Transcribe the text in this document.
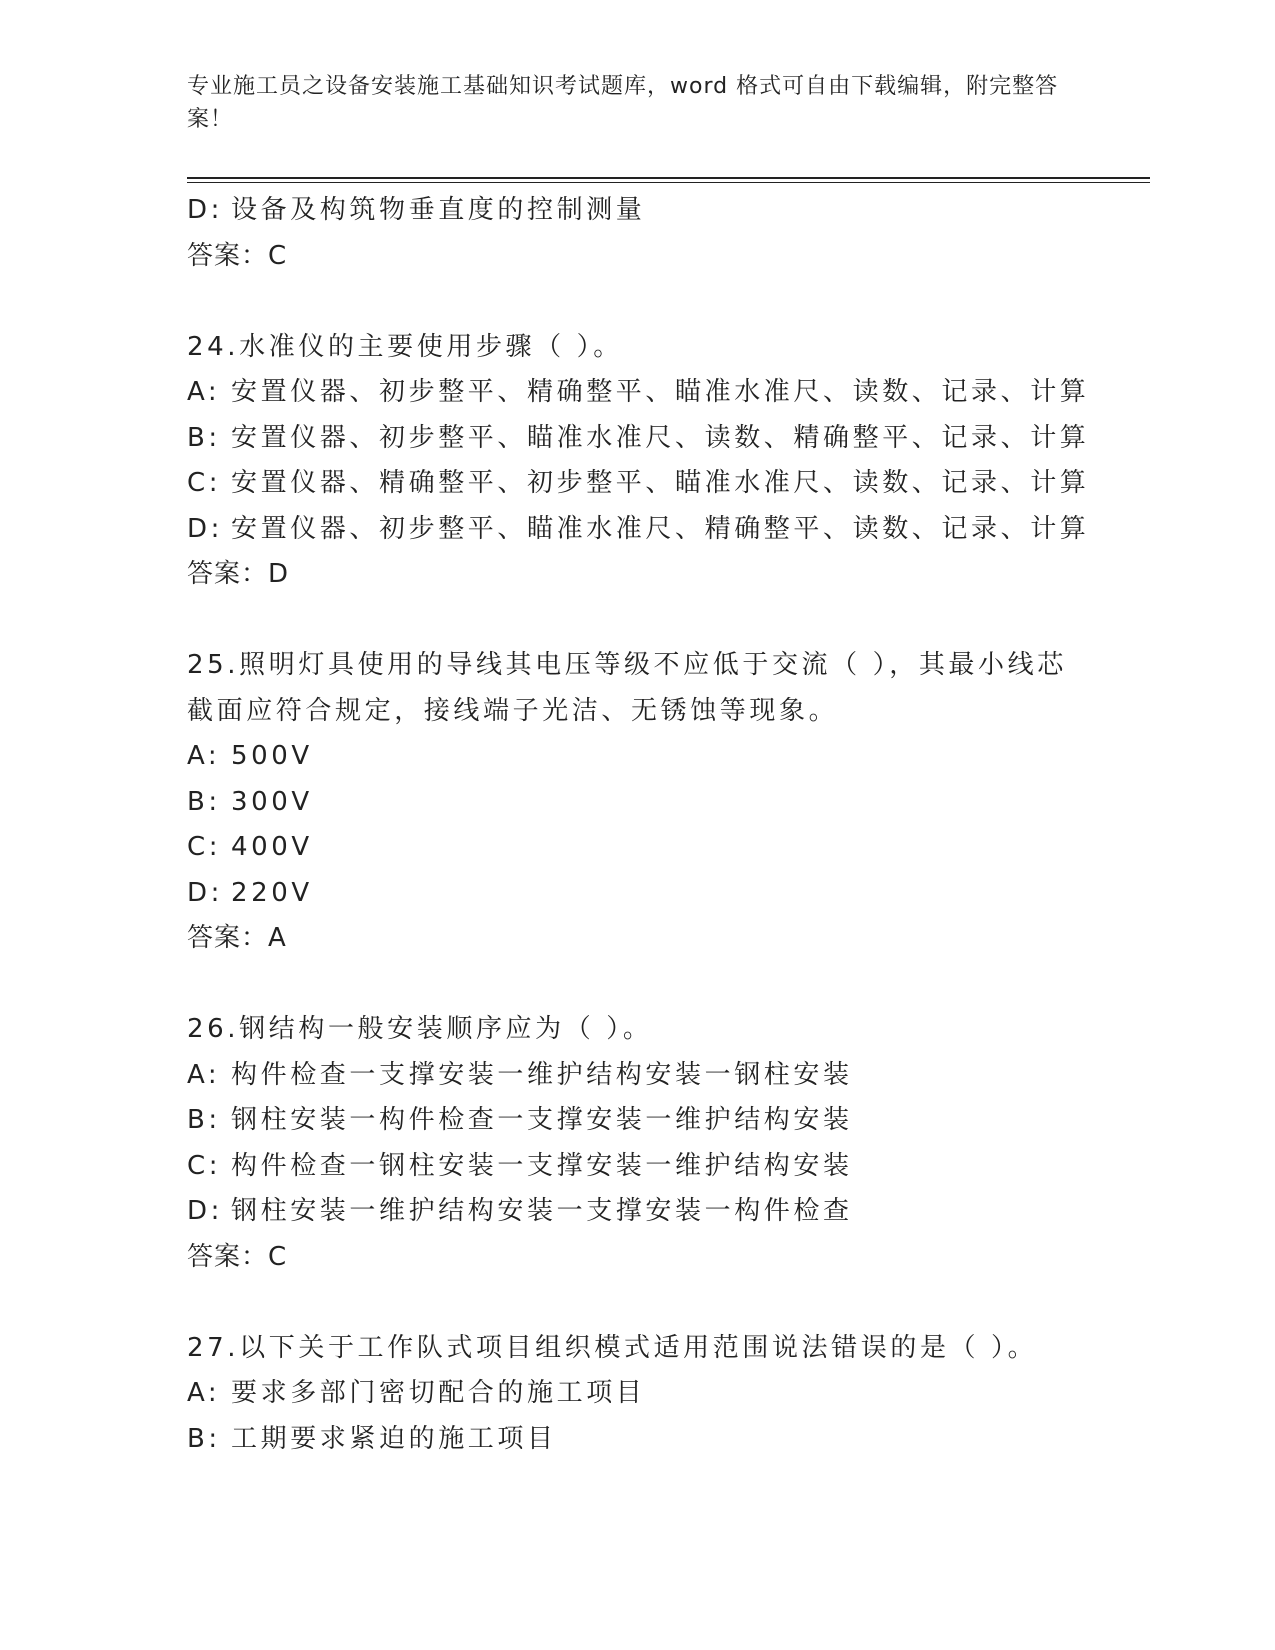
专业施工员之设备安装施工基础知识考试题库，word 格式可自由下载编辑，附完整答案！
D: 设备及构筑物垂直度的控制测量
答案：C
24.水准仪的主要使用步骤（ ）。
A: 安置仪器、初步整平、精确整平、瞄准水准尺、读数、记录、计算
B: 安置仪器、初步整平、瞄准水准尺、读数、精确整平、记录、计算
C: 安置仪器、精确整平、初步整平、瞄准水准尺、读数、记录、计算
D: 安置仪器、初步整平、瞄准水准尺、精确整平、读数、记录、计算
答案：D
25.照明灯具使用的导线其电压等级不应低于交流（ ），其最小线芯截面应符合规定，接线端子光洁、无锈蚀等现象。
A: 500V
B: 300V
C: 400V
D: 220V
答案：A
26.钢结构一般安装顺序应为（ ）。
A: 构件检查一支撑安装一维护结构安装一钢柱安装
B: 钢柱安装一构件检查一支撑安装一维护结构安装
C: 构件检查一钢柱安装一支撑安装一维护结构安装
D: 钢柱安装一维护结构安装一支撑安装一构件检查
答案：C
27.以下关于工作队式项目组织模式适用范围说法错误的是（ ）。
A: 要求多部门密切配合的施工项目
B: 工期要求紧迫的施工项目
